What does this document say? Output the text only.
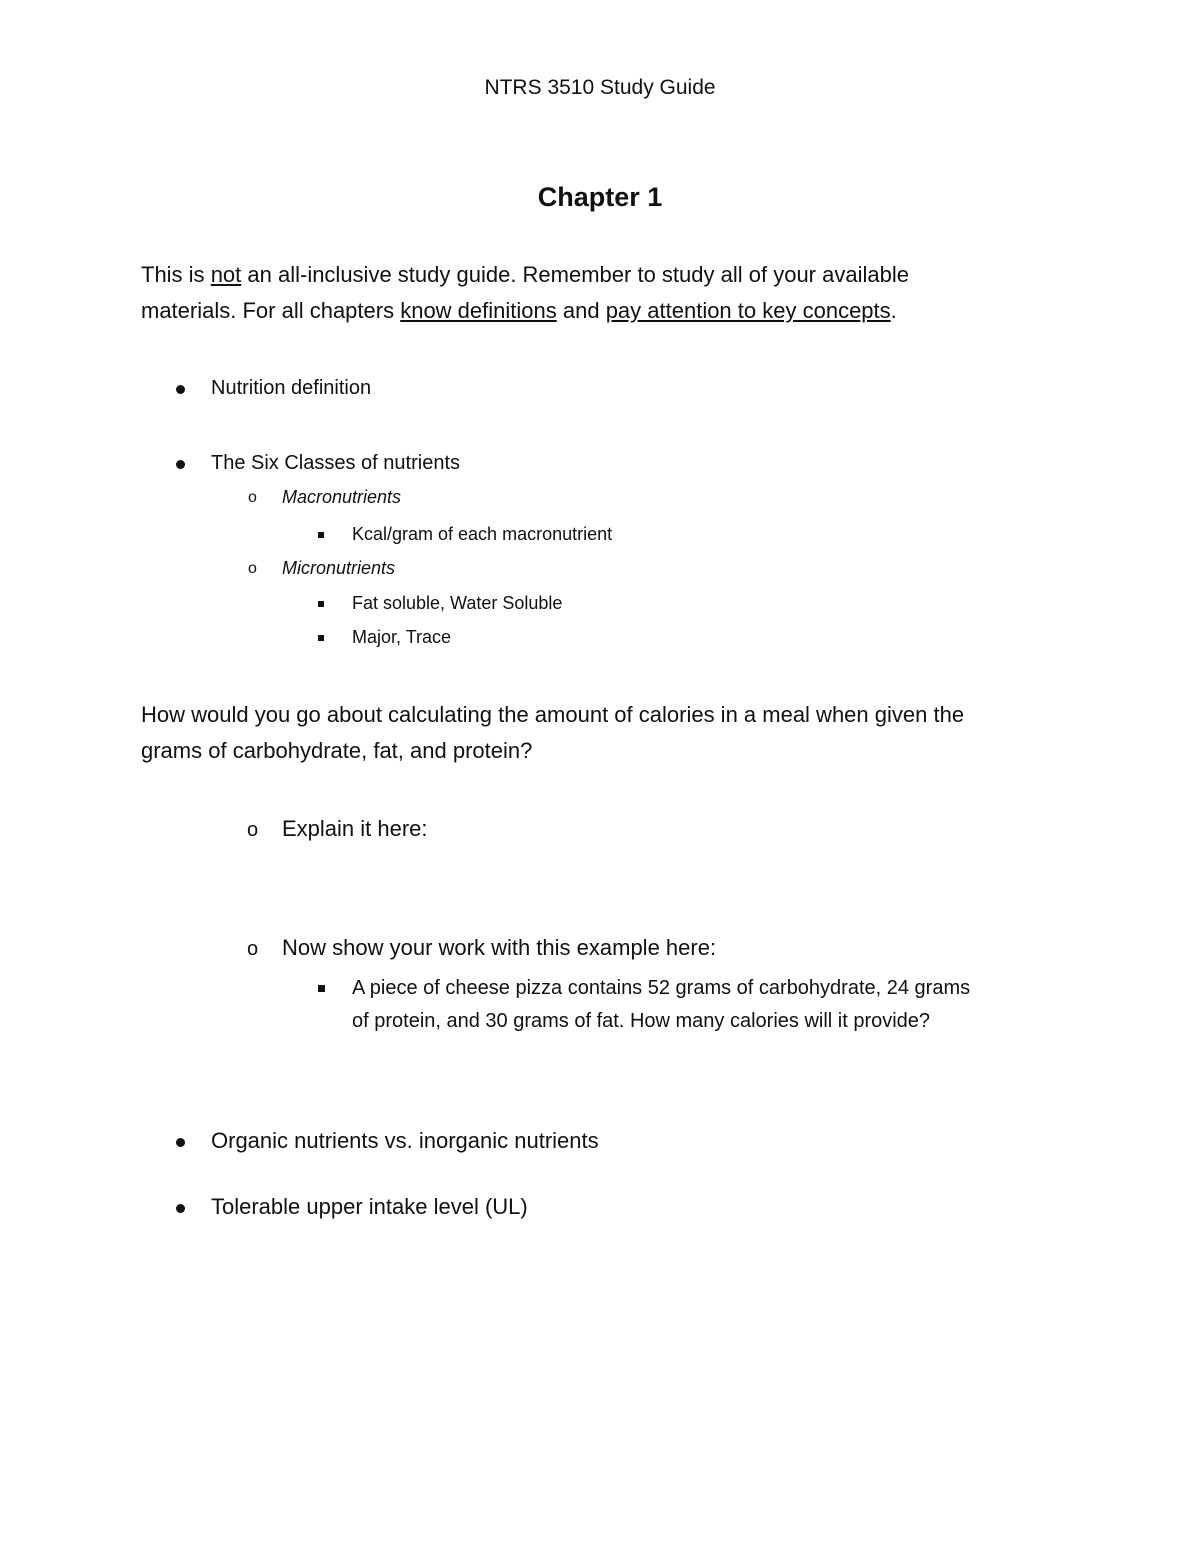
NTRS 3510 Study Guide
Chapter 1
This is not an all-inclusive study guide. Remember to study all of your available
materials. For all chapters know definitions and pay attention to key concepts.
Nutrition definition
The Six Classes of nutrients
o Macronutrients
Kcal/gram of each macronutrient
o Micronutrients
Fat soluble, Water Soluble
Major, Trace
How would you go about calculating the amount of calories in a meal when given the
grams of carbohydrate, fat, and protein?
o Explain it here:
o Now show your work with this example here:
A piece of cheese pizza contains 52 grams of carbohydrate, 24 grams
of protein, and 30 grams of fat. How many calories will it provide?
Organic nutrients vs. inorganic nutrients
Tolerable upper intake level (UL)
